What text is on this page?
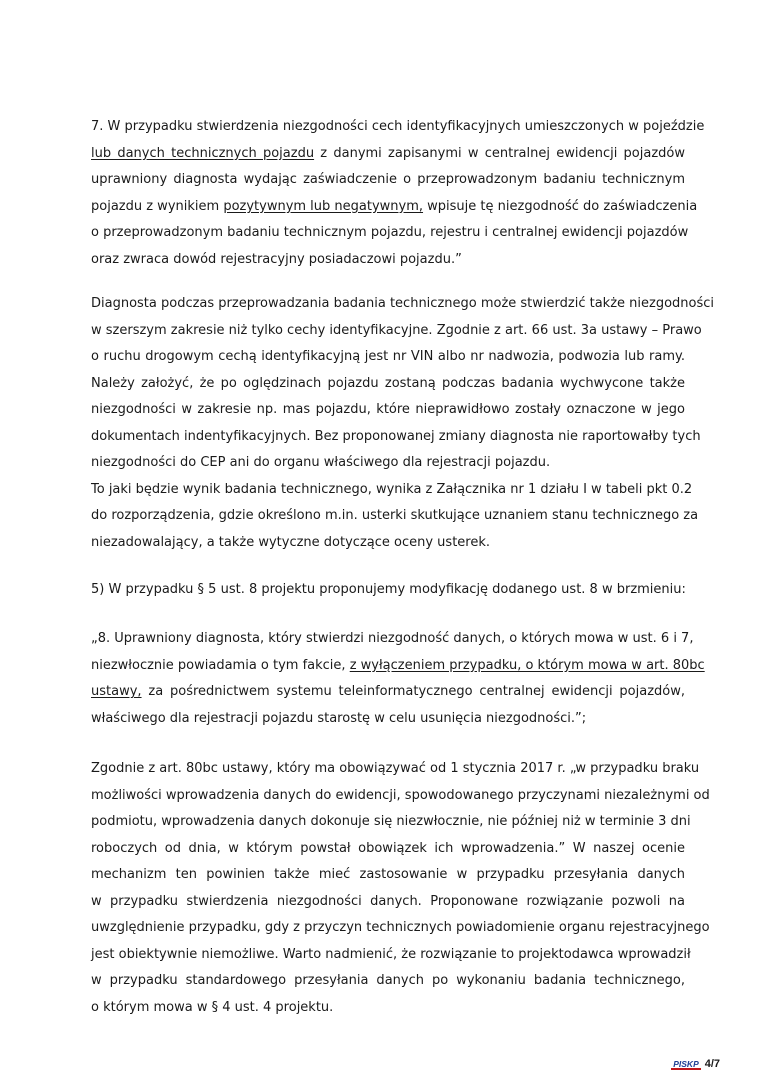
7. W przypadku stwierdzenia niezgodności cech identyfikacyjnych umieszczonych w pojeździe
lub danych technicznych pojazdu z danymi zapisanymi w centralnej ewidencji pojazdów
uprawniony diagnosta wydając zaświadczenie o przeprowadzonym badaniu technicznym
pojazdu z wynikiem pozytywnym lub negatywnym, wpisuje tę niezgodność do zaświadczenia
o przeprowadzonym badaniu technicznym pojazdu, rejestru i centralnej ewidencji pojazdów
oraz zwraca dowód rejestracyjny posiadaczowi pojazdu.”
Diagnosta podczas przeprowadzania badania technicznego może stwierdzić także niezgodności
w szerszym zakresie niż tylko cechy identyfikacyjne. Zgodnie z art. 66 ust. 3a ustawy – Prawo
o ruchu drogowym cechą identyfikacyjną jest nr VIN albo nr nadwozia, podwozia lub ramy.
Należy założyć, że po oględzinach pojazdu zostaną podczas badania wychwycone także
niezgodności w zakresie np. mas pojazdu, które nieprawidłowo zostały oznaczone w jego
dokumentach indentyfikacyjnych. Bez proponowanej zmiany diagnosta nie raportowałby tych
niezgodności do CEP ani do organu właściwego dla rejestracji pojazdu.
To jaki będzie wynik badania technicznego, wynika z Załącznika nr 1 działu I w tabeli pkt 0.2
do rozporządzenia, gdzie określono m.in. usterki skutkujące uznaniem stanu technicznego za
niezadowalający, a także wytyczne dotyczące oceny usterek.
5) W przypadku § 5 ust. 8 projektu proponujemy modyfikację dodanego ust. 8 w brzmieniu:
„8. Uprawniony diagnosta, który stwierdzi niezgodność danych, o których mowa w ust. 6 i 7,
niezwłocznie powiadamia o tym fakcie, z wyłączeniem przypadku, o którym mowa w art. 80bc
ustawy, za pośrednictwem systemu teleinformatycznego centralnej ewidencji pojazdów,
właściwego dla rejestracji pojazdu starostę w celu usunięcia niezgodności.”;
Zgodnie z art. 80bc ustawy, który ma obowiązywać od 1 stycznia 2017 r. „w przypadku braku
możliwości wprowadzenia danych do ewidencji, spowodowanego przyczynami niezależnymi od
podmiotu, wprowadzenia danych dokonuje się niezwłocznie, nie później niż w terminie 3 dni
roboczych od dnia, w którym powstał obowiązek ich wprowadzenia.” W naszej ocenie
mechanizm ten powinien także mieć zastosowanie w przypadku przesyłania danych
w przypadku stwierdzenia niezgodności danych. Proponowane rozwiązanie pozwoli na
uwzględnienie przypadku, gdy z przyczyn technicznych powiadomienie organu rejestracyjnego
jest obiektywnie niemożliwe. Warto nadmienić, że rozwiązanie to projektodawca wprowadził
w przypadku standardowego przesyłania danych po wykonaniu badania technicznego,
o którym mowa w § 4 ust. 4 projektu.
PISKP 4/7
